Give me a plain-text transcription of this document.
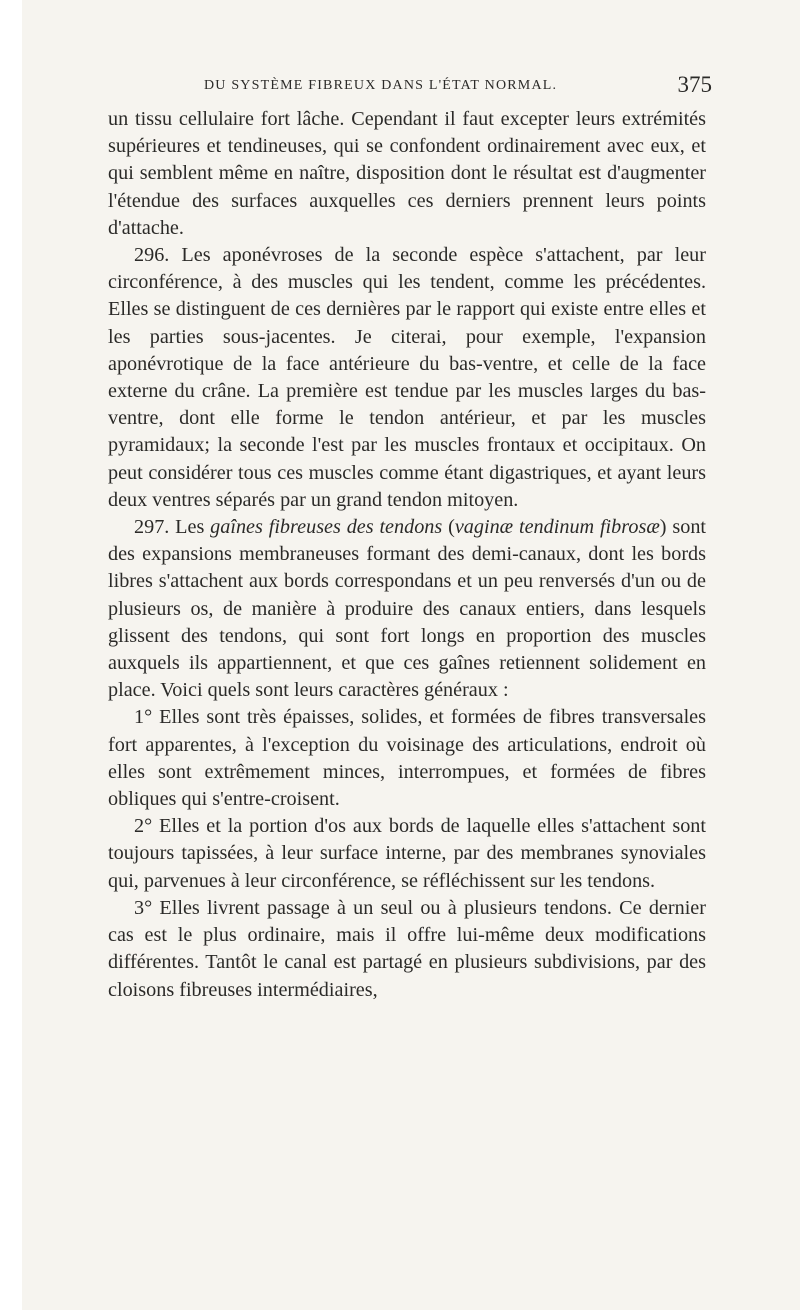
DU SYSTÈME FIBREUX DANS L'ÉTAT NORMAL.	375

un tissu cellulaire fort lâche. Cependant il faut excepter leurs extrémités supérieures et tendineuses, qui se confondent ordinairement avec eux, et qui semblent même en naître, disposition dont le résultat est d'augmenter l'étendue des surfaces auxquelles ces derniers prennent leurs points d'attache.

296. Les aponévroses de la seconde espèce s'attachent, par leur circonférence, à des muscles qui les tendent, comme les précédentes. Elles se distinguent de ces dernières par le rapport qui existe entre elles et les parties sous-jacentes. Je citerai, pour exemple, l'expansion aponévrotique de la face antérieure du bas-ventre, et celle de la face externe du crâne. La première est tendue par les muscles larges du bas-ventre, dont elle forme le tendon antérieur, et par les muscles pyramidaux; la seconde l'est par les muscles frontaux et occipitaux. On peut considérer tous ces muscles comme étant digastriques, et ayant leurs deux ventres séparés par un grand tendon mitoyen.

297. Les gaînes fibreuses des tendons (vaginæ tendinum fibrosæ) sont des expansions membraneuses formant des demi-canaux, dont les bords libres s'attachent aux bords correspondans et un peu renversés d'un ou de plusieurs os, de manière à produire des canaux entiers, dans lesquels glissent des tendons, qui sont fort longs en proportion des muscles auxquels ils appartiennent, et que ces gaînes retiennent solidement en place. Voici quels sont leurs caractères généraux :

1° Elles sont très épaisses, solides, et formées de fibres transversales fort apparentes, à l'exception du voisinage des articulations, endroit où elles sont extrêmement minces, interrompues, et formées de fibres obliques qui s'entre-croisent.

2° Elles et la portion d'os aux bords de laquelle elles s'attachent sont toujours tapissées, à leur surface interne, par des membranes synoviales qui, parvenues à leur circonférence, se réfléchissent sur les tendons.

3° Elles livrent passage à un seul ou à plusieurs tendons. Ce dernier cas est le plus ordinaire, mais il offre lui-même deux modifications différentes. Tantôt le canal est partagé en plusieurs subdivisions, par des cloisons fibreuses intermédiaires,
